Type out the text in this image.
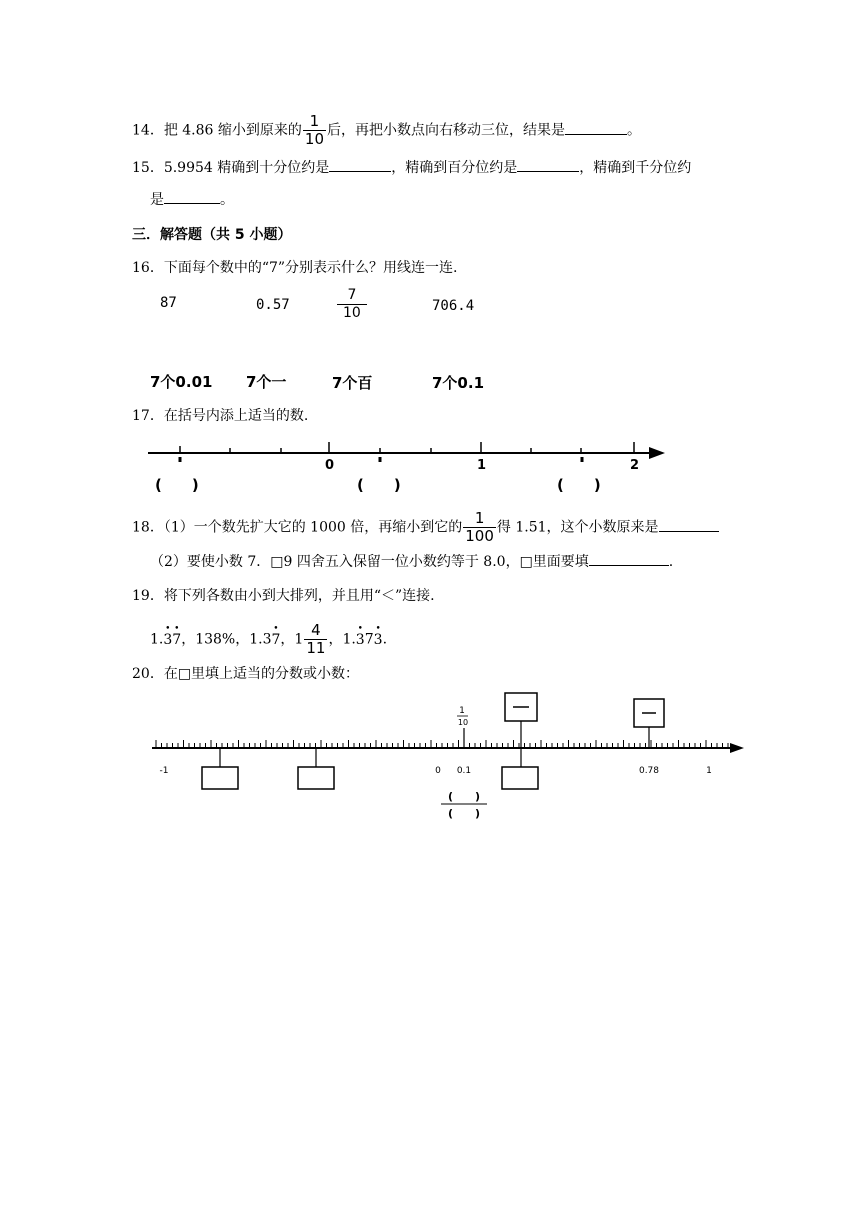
14．把 4.86 缩小到原来的 $\frac{1}{10}$ 后，再把小数点向右移动三位，结果是	。
15．5.9954 精确到十分位约是	，精确到百分位约是	，精确到千分位约
是	。
三．解答题（共 5 小题）
16．下面每个数中的“7”分别表示什么？用线连一连.
87	0.57	$\frac{7}{10}$	706.4
7个0.01 7个一	7个百	7个0.1
17．在括号内添上适当的数.
0	1	2
(　　)	(　　)	(　　)
18．（1）一个数先扩大它的 1000 倍，再缩小到它的 $\frac{1}{100}$ 得 1.51，这个小数原来是
（2）要使小数 7．□9 四舍五入保留一位小数约等于 8.0，□里面要填	.
19．将下列各数由小到大排列，并且用“＜”连接.
1.• 3• 7，138%，1.3• 7，$1 \frac{4}{11}$ ，1.• 37• 3.
20．在□里填上适当的分数或小数：
1
10
-1	0 0.1	0.78	1
(　　)
(　　)
